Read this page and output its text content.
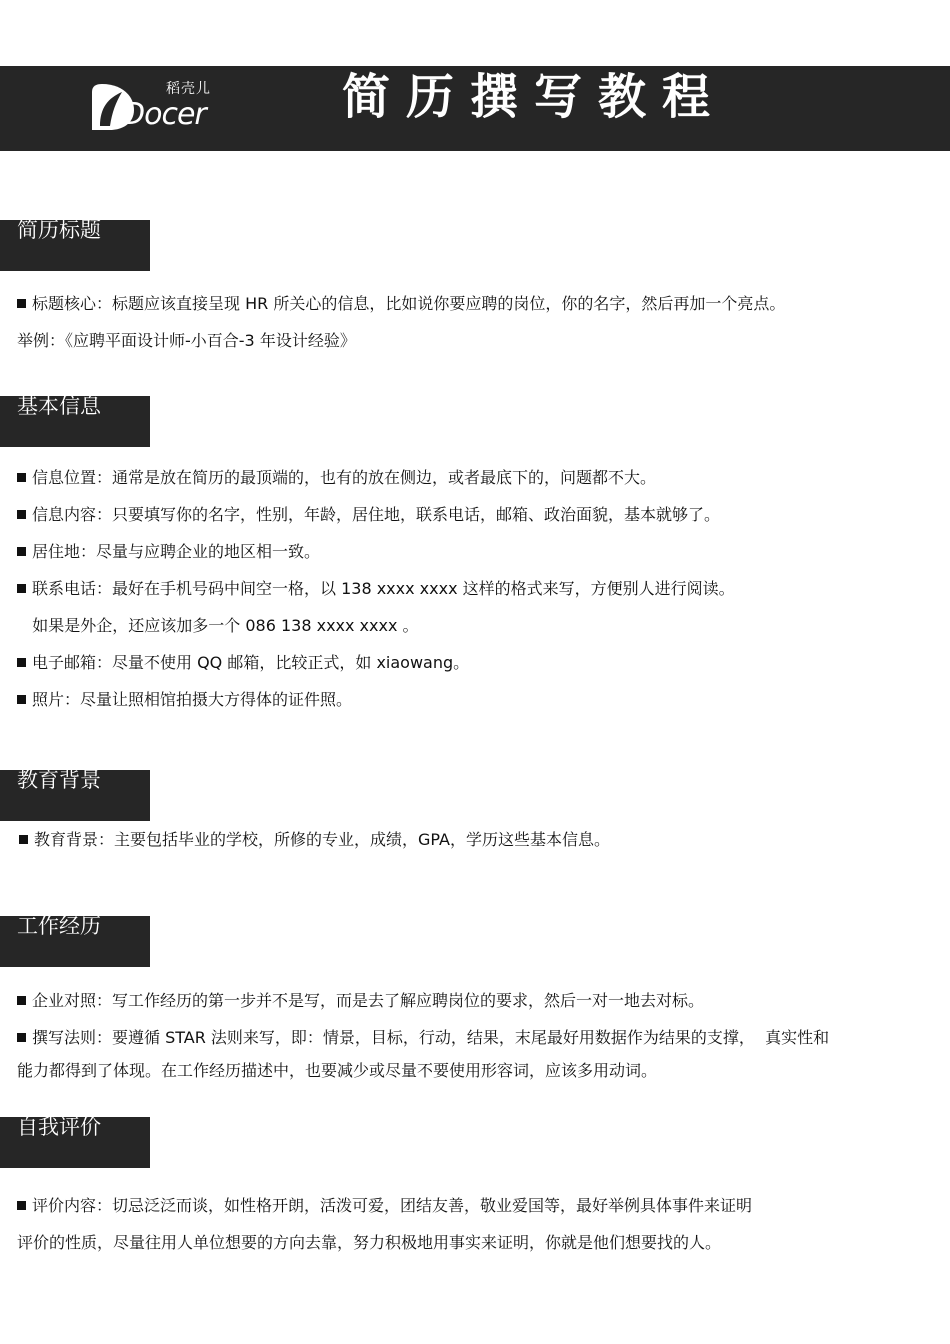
Docer
稻壳儿	简历撰写教程
简历标题
标题核心：标题应该直接呈现 HR 所关心的信息，比如说你要应聘的岗位，你的名字，然后再加一个亮点。
举例：《应聘平面设计师-小百合-3 年设计经验》
基本信息
信息位置：通常是放在简历的最顶端的，也有的放在侧边，或者最底下的，问题都不大。
信息内容：只要填写你的名字，性别，年龄，居住地，联系电话，邮箱、政治面貌，基本就够了。
居住地：尽量与应聘企业的地区相一致。
联系电话：最好在手机号码中间空一格，以 138 xxxx xxxx 这样的格式来写，方便别人进行阅读。
如果是外企，还应该加多一个 086 138 xxxx xxxx 。
电子邮箱：尽量不使用 QQ 邮箱，比较正式，如 xiaowang。
照片：尽量让照相馆拍摄大方得体的证件照。
教育背景
教育背景：主要包括毕业的学校，所修的专业，成绩，GPA，学历这些基本信息。
工作经历
企业对照：写工作经历的第一步并不是写，而是去了解应聘岗位的要求，然后一对一地去对标。
撰写法则：要遵循 STAR 法则来写，即：情景，目标，行动，结果，末尾最好用数据作为结果的支撑，  真实性和
能力都得到了体现。在工作经历描述中，也要减少或尽量不要使用形容词，应该多用动词。
自我评价
评价内容：切忌泛泛而谈，如性格开朗，活泼可爱，团结友善，敬业爱国等，最好举例具体事件来证明
评价的性质，尽量往用人单位想要的方向去靠，努力积极地用事实来证明，你就是他们想要找的人。
